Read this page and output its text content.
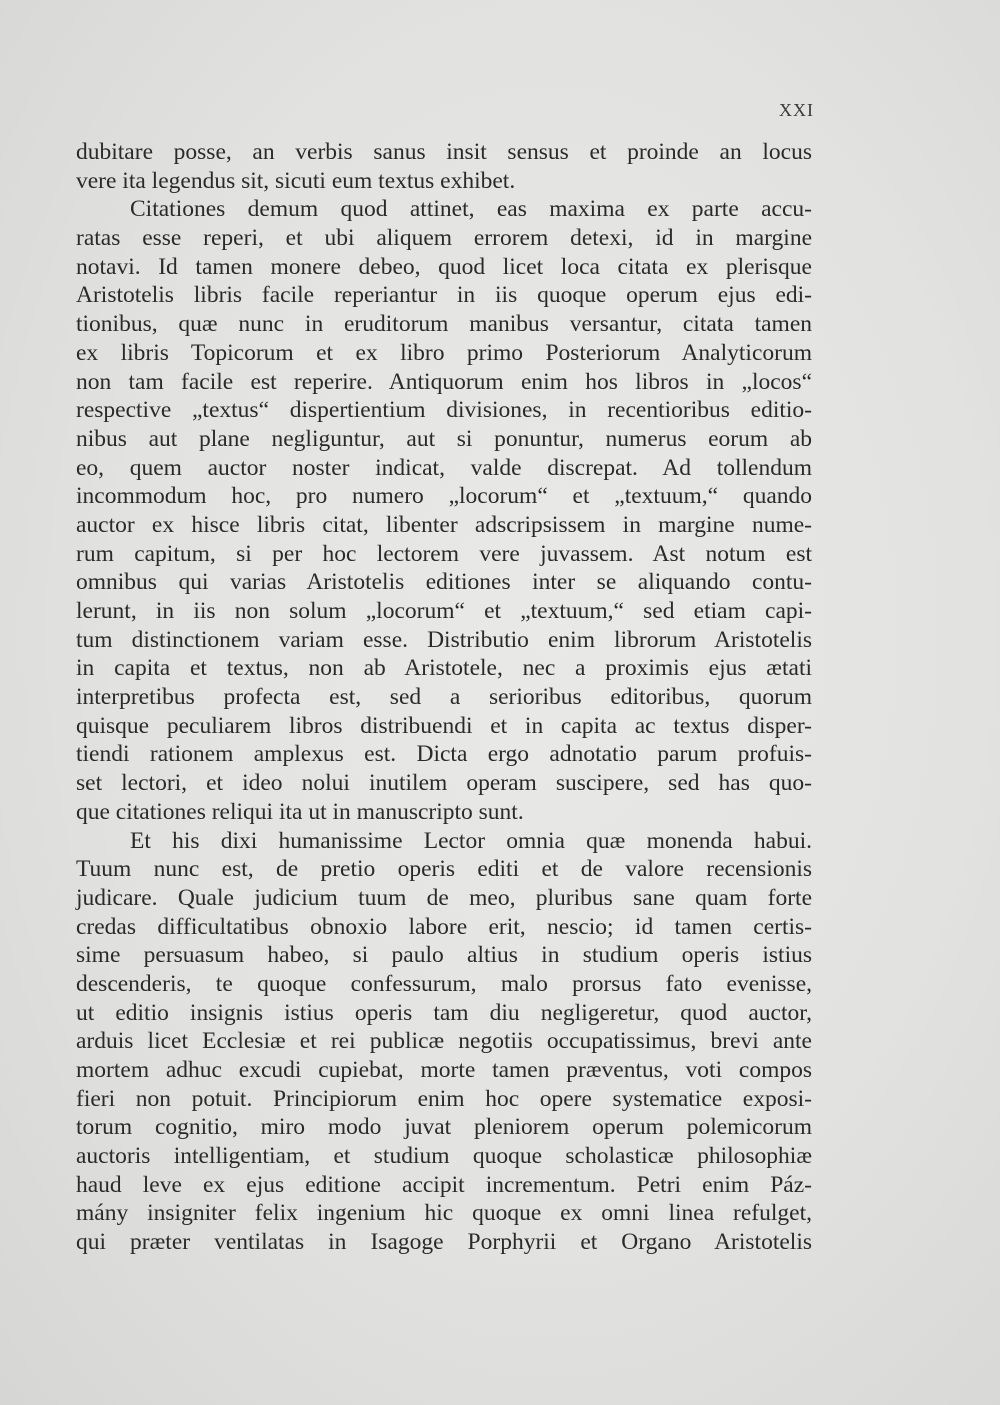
XXI
dubitare posse, an verbis sanus insit sensus et proinde an locus
vere ita legendus sit, sicuti eum textus exhibet.
Citationes demum quod attinet, eas maxima ex parte accu-
ratas esse reperi, et ubi aliquem errorem detexi, id in margine
notavi. Id tamen monere debeo, quod licet loca citata ex plerisque
Aristotelis libris facile reperiantur in iis quoque operum ejus edi-
tionibus, quæ nunc in eruditorum manibus versantur, citata tamen
ex libris Topicorum et ex libro primo Posteriorum Analyticorum
non tam facile est reperire. Antiquorum enim hos libros in „locos“
respective „textus“ dispertientium divisiones, in recentioribus editio-
nibus aut plane negliguntur, aut si ponuntur, numerus eorum ab
eo, quem auctor noster indicat, valde discrepat. Ad tollendum
incommodum hoc, pro numero „locorum“ et „textuum,“ quando
auctor ex hisce libris citat, libenter adscripsissem in margine nume-
rum capitum, si per hoc lectorem vere juvassem. Ast notum est
omnibus qui varias Aristotelis editiones inter se aliquando contu-
lerunt, in iis non solum „locorum“ et „textuum,“ sed etiam capi-
tum distinctionem variam esse. Distributio enim librorum Aristotelis
in capita et textus, non ab Aristotele, nec a proximis ejus ætati
interpretibus profecta est, sed a serioribus editoribus, quorum
quisque peculiarem libros distribuendi et in capita ac textus disper-
tiendi rationem amplexus est. Dicta ergo adnotatio parum profuis-
set lectori, et ideo nolui inutilem operam suscipere, sed has quo-
que citationes reliqui ita ut in manuscripto sunt.
Et his dixi humanissime Lector omnia quæ monenda habui.
Tuum nunc est, de pretio operis editi et de valore recensionis
judicare. Quale judicium tuum de meo, pluribus sane quam forte
credas difficultatibus obnoxio labore erit, nescio; id tamen certis-
sime persuasum habeo, si paulo altius in studium operis istius
descenderis, te quoque confessurum, malo prorsus fato evenisse,
ut editio insignis istius operis tam diu negligeretur, quod auctor,
arduis licet Ecclesiæ et rei publicæ negotiis occupatissimus, brevi ante
mortem adhuc excudi cupiebat, morte tamen præventus, voti compos
fieri non potuit. Principiorum enim hoc opere systematice exposi-
torum cognitio, miro modo juvat pleniorem operum polemicorum
auctoris intelligentiam, et studium quoque scholasticæ philosophiæ
haud leve ex ejus editione accipit incrementum. Petri enim Páz-
mány insigniter felix ingenium hic quoque ex omni linea refulget,
qui præter ventilatas in Isagoge Porphyrii et Organo Aristotelis
